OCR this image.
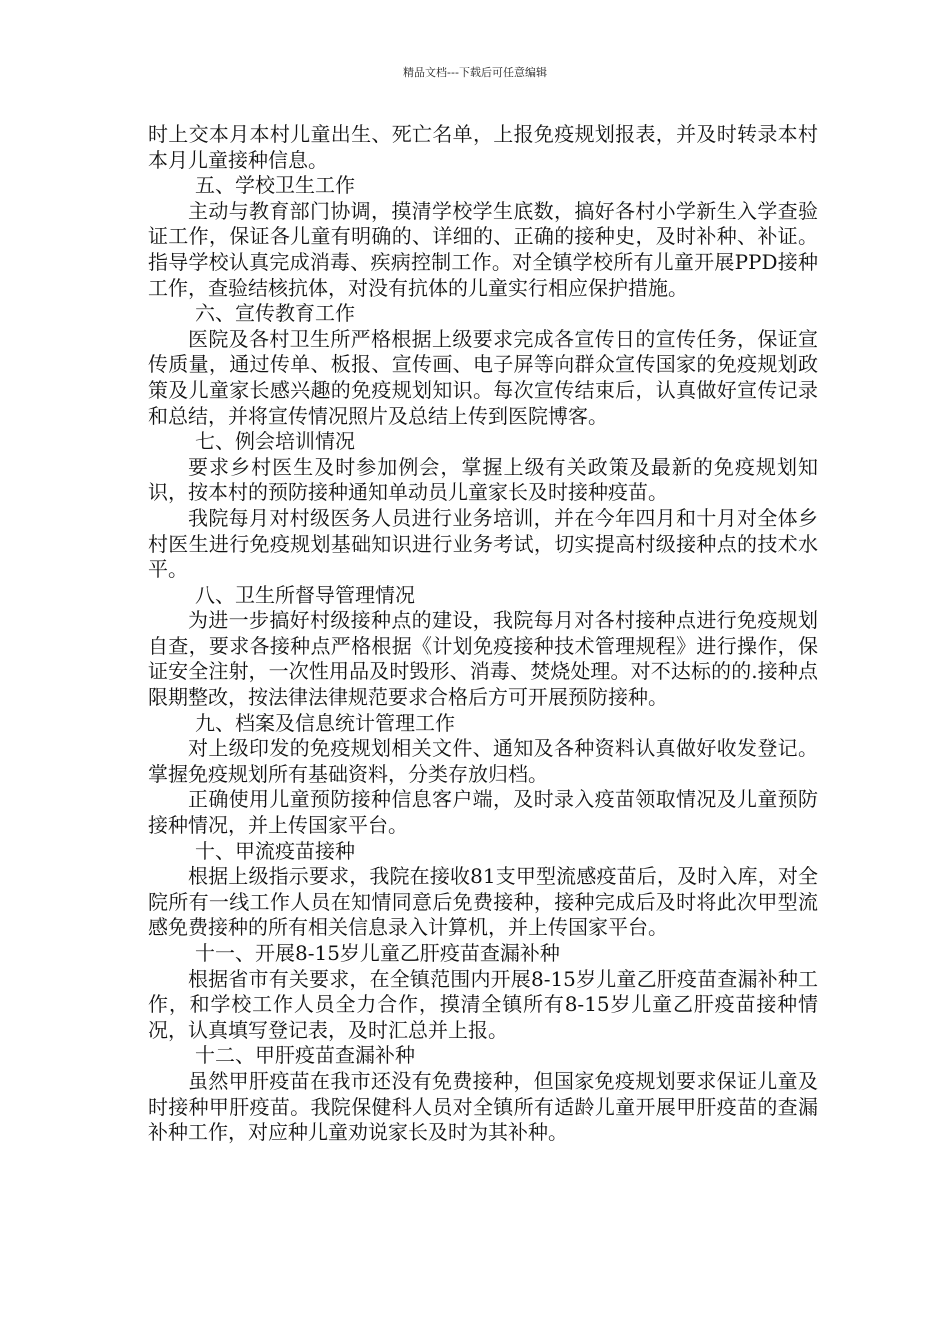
精品文档---下载后可任意编辑

时上交本月本村儿童出生、死亡名单，上报免疫规划报表，并及时转录本村本月儿童接种信息。

五、学校卫生工作

主动与教育部门协调，摸清学校学生底数，搞好各村小学新生入学查验证工作，保证各儿童有明确的、详细的、正确的接种史，及时补种、补证。指导学校认真完成消毒、疾病控制工作。对全镇学校所有儿童开展PPD接种工作，查验结核抗体，对没有抗体的儿童实行相应保护措施。

六、宣传教育工作

医院及各村卫生所严格根据上级要求完成各宣传日的宣传任务，保证宣传质量，通过传单、板报、宣传画、电子屏等向群众宣传国家的免疫规划政策及儿童家长感兴趣的免疫规划知识。每次宣传结束后，认真做好宣传记录和总结，并将宣传情况照片及总结上传到医院博客。

七、例会培训情况

要求乡村医生及时参加例会，掌握上级有关政策及最新的免疫规划知识，按本村的预防接种通知单动员儿童家长及时接种疫苗。

我院每月对村级医务人员进行业务培训，并在今年四月和十月对全体乡村医生进行免疫规划基础知识进行业务考试，切实提高村级接种点的技术水平。

八、卫生所督导管理情况

为进一步搞好村级接种点的建设，我院每月对各村接种点进行免疫规划自查，要求各接种点严格根据《计划免疫接种技术管理规程》进行操作，保证安全注射，一次性用品及时毁形、消毒、焚烧处理。对不达标的的.接种点限期整改，按法律法律规范要求合格后方可开展预防接种。

九、档案及信息统计管理工作

对上级印发的免疫规划相关文件、通知及各种资料认真做好收发登记。掌握免疫规划所有基础资料，分类存放归档。

正确使用儿童预防接种信息客户端，及时录入疫苗领取情况及儿童预防接种情况，并上传国家平台。

十、甲流疫苗接种

根据上级指示要求，我院在接收81支甲型流感疫苗后，及时入库，对全院所有一线工作人员在知情同意后免费接种，接种完成后及时将此次甲型流感免费接种的所有相关信息录入计算机，并上传国家平台。

十一、开展8-15岁儿童乙肝疫苗查漏补种

根据省市有关要求，在全镇范围内开展8-15岁儿童乙肝疫苗查漏补种工作，和学校工作人员全力合作，摸清全镇所有8-15岁儿童乙肝疫苗接种情况，认真填写登记表，及时汇总并上报。

十二、甲肝疫苗查漏补种

虽然甲肝疫苗在我市还没有免费接种，但国家免疫规划要求保证儿童及时接种甲肝疫苗。我院保健科人员对全镇所有适龄儿童开展甲肝疫苗的查漏补种工作，对应种儿童劝说家长及时为其补种。
